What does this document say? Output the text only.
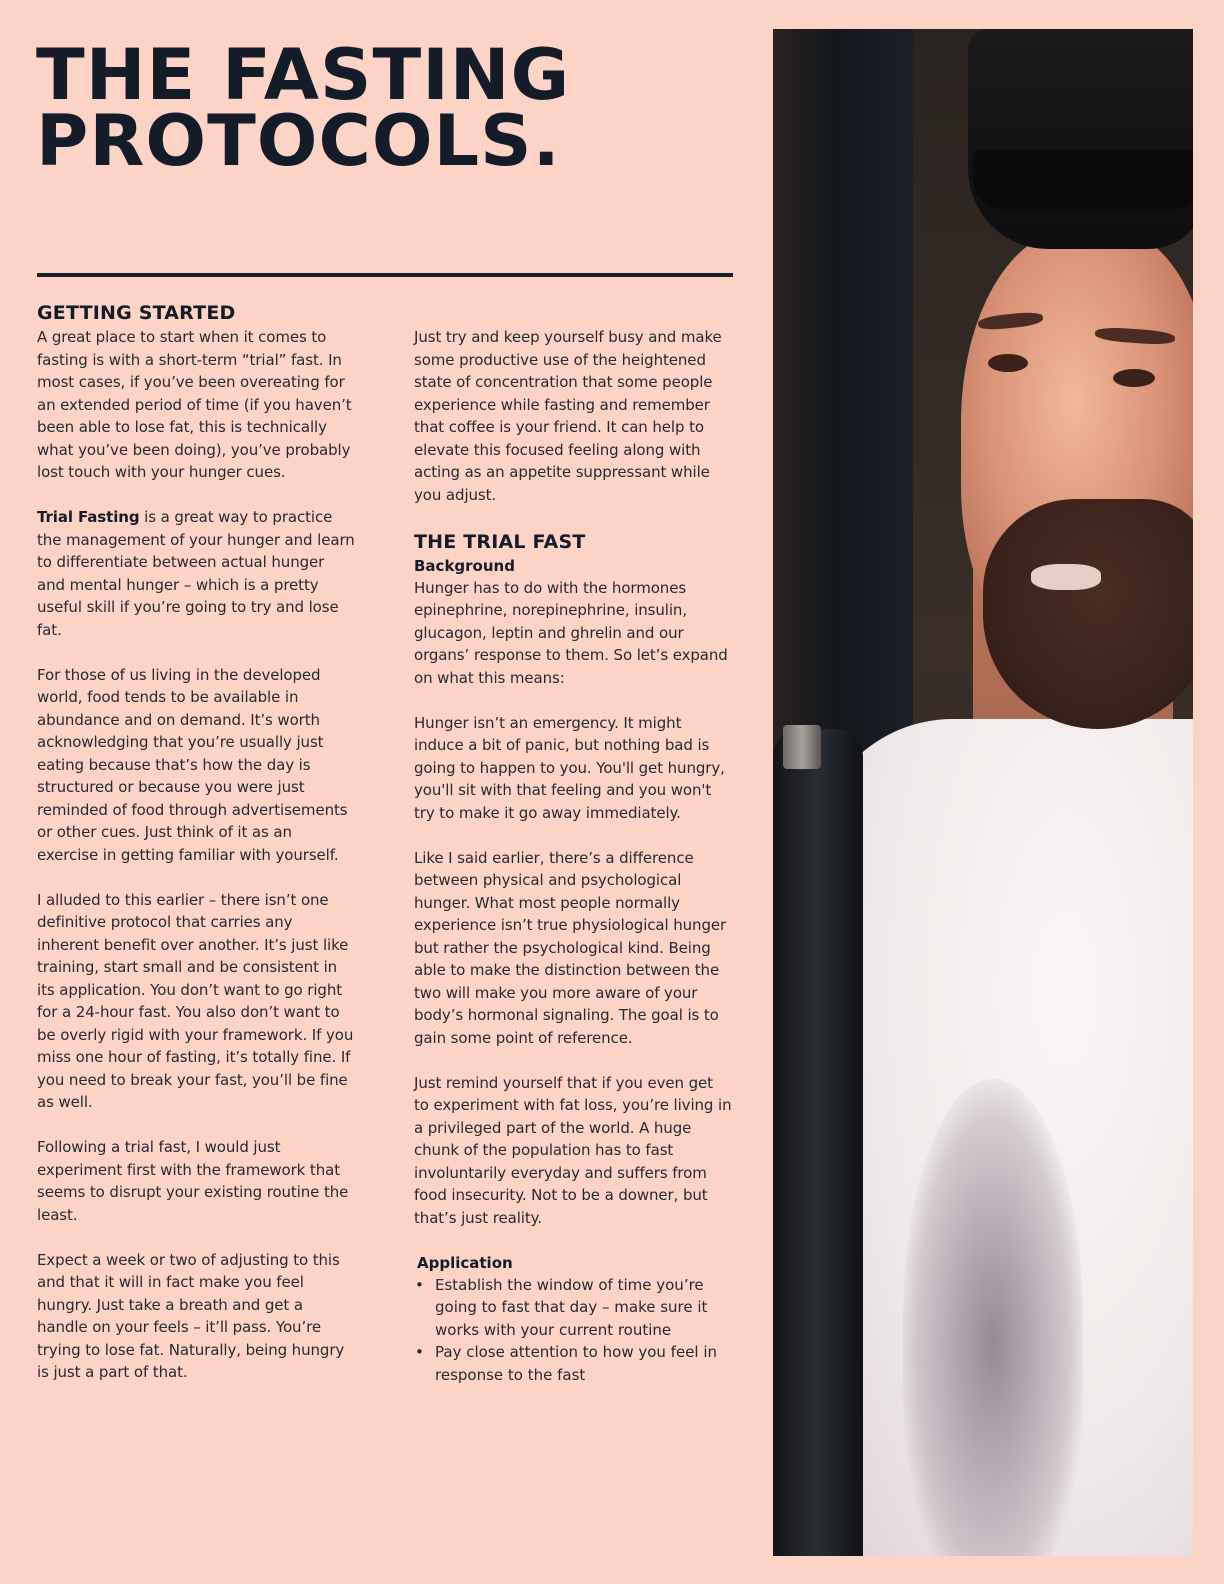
THE FASTING
PROTOCOLS.
GETTING STARTED

A great place to start when it comes to fasting is with a short-term “trial” fast. In most cases, if you’ve been overeating for an extended period of time (if you haven’t been able to lose fat, this is technically what you’ve been doing), you’ve probably lost touch with your hunger cues.

Trial Fasting is a great way to practice the management of your hunger and learn to differentiate between actual hunger and mental hunger – which is a pretty useful skill if you’re going to try and lose fat.

For those of us living in the developed world, food tends to be available in abundance and on demand. It’s worth acknowledging that you’re usually just eating because that’s how the day is structured or because you were just reminded of food through advertisements or other cues. Just think of it as an exercise in getting familiar with yourself.

I alluded to this earlier – there isn’t one definitive protocol that carries any inherent benefit over another. It’s just like training, start small and be consistent in its application. You don’t want to go right for a 24-hour fast. You also don’t want to be overly rigid with your framework. If you miss one hour of fasting, it’s totally fine. If you need to break your fast, you’ll be fine as well.

Following a trial fast, I would just experiment first with the framework that seems to disrupt your existing routine the least.

Expect a week or two of adjusting to this and that it will in fact make you feel hungry. Just take a breath and get a handle on your feels – it’ll pass. You’re trying to lose fat. Naturally, being hungry is just a part of that.

Just try and keep yourself busy and make some productive use of the heightened state of concentration that some people experience while fasting and remember that coffee is your friend. It can help to elevate this focused feeling along with acting as an appetite suppressant while you adjust.

THE TRIAL FAST
Background

Hunger has to do with the hormones epinephrine, norepinephrine, insulin, glucagon, leptin and ghrelin and our organs’ response to them. So let’s expand on what this means:

Hunger isn’t an emergency. It might induce a bit of panic, but nothing bad is going to happen to you. You'll get hungry, you'll sit with that feeling and you won't try to make it go away immediately.

Like I said earlier, there’s a difference between physical and psychological hunger. What most people normally experience isn’t true physiological hunger but rather the psychological kind. Being able to make the distinction between the two will make you more aware of your body’s hormonal signaling. The goal is to gain some point of reference.

Just remind yourself that if you even get to experiment with fat loss, you’re living in a privileged part of the world. A huge chunk of the population has to fast involuntarily everyday and suffers from food insecurity. Not to be a downer, but that’s just reality.

Application
• Establish the window of time you’re going to fast that day – make sure it works with your current routine
• Pay close attention to how you feel in response to the fast
